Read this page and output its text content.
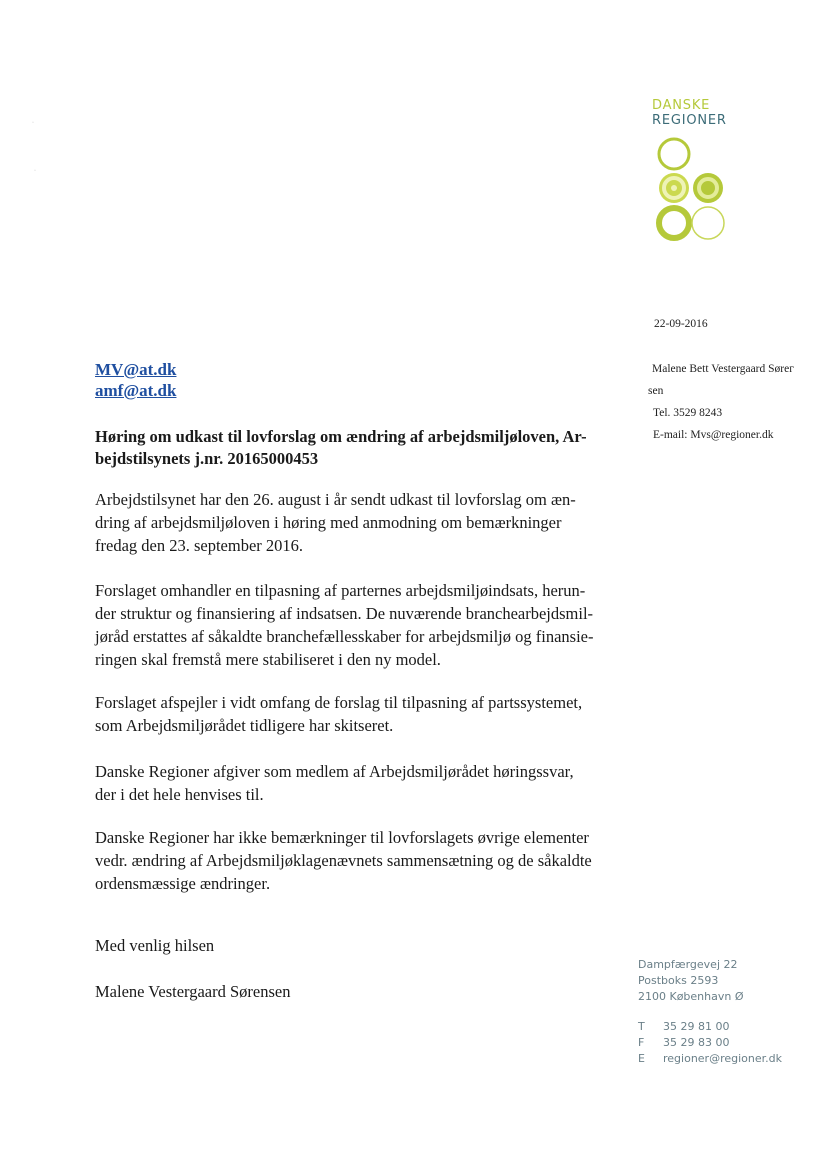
DANSKE
REGIONER
·
·
22-09-2016
Malene Bett Vestergaard Søreг
sen
Tel. 3529 8243
E-mail: Mvs@regioner.dk
MV@at.dk
amf@at.dk
Høring om udkast til lovforslag om ændring af arbejdsmiljøloven, Ar-
bejdstilsynets j.nr. 20165000453
Arbejdstilsynet har den 26. august i år sendt udkast til lovforslag om æn-
dring af arbejdsmiljøloven i høring med anmodning om bemærkninger
fredag den 23. september 2016.
Forslaget omhandler en tilpasning af parternes arbejdsmiljøindsats, herun-
der struktur og finansiering af indsatsen. De nuværende branchearbejdsmil-
jøråd erstattes af såkaldte branchefællesskaber for arbejdsmiljø og finansie-
ringen skal fremstå mere stabiliseret i den ny model.
Forslaget afspejler i vidt omfang de forslag til tilpasning af partssystemet,
som Arbejdsmiljørådet tidligere har skitseret.
Danske Regioner afgiver som medlem af Arbejdsmiljørådet høringssvar,
der i det hele henvises til.
Danske Regioner har ikke bemærkninger til lovforslagets øvrige elementer
vedr. ændring af Arbejdsmiljøklagenævnets sammensætning og de såkaldte
ordensmæssige ændringer.
Med venlig hilsen
Malene Vestergaard Sørensen
Dampfærgevej 22
Postboks 2593
2100 København Ø
T	35 29 81 00
F	35 29 83 00
E	regioner@regioner.dk
